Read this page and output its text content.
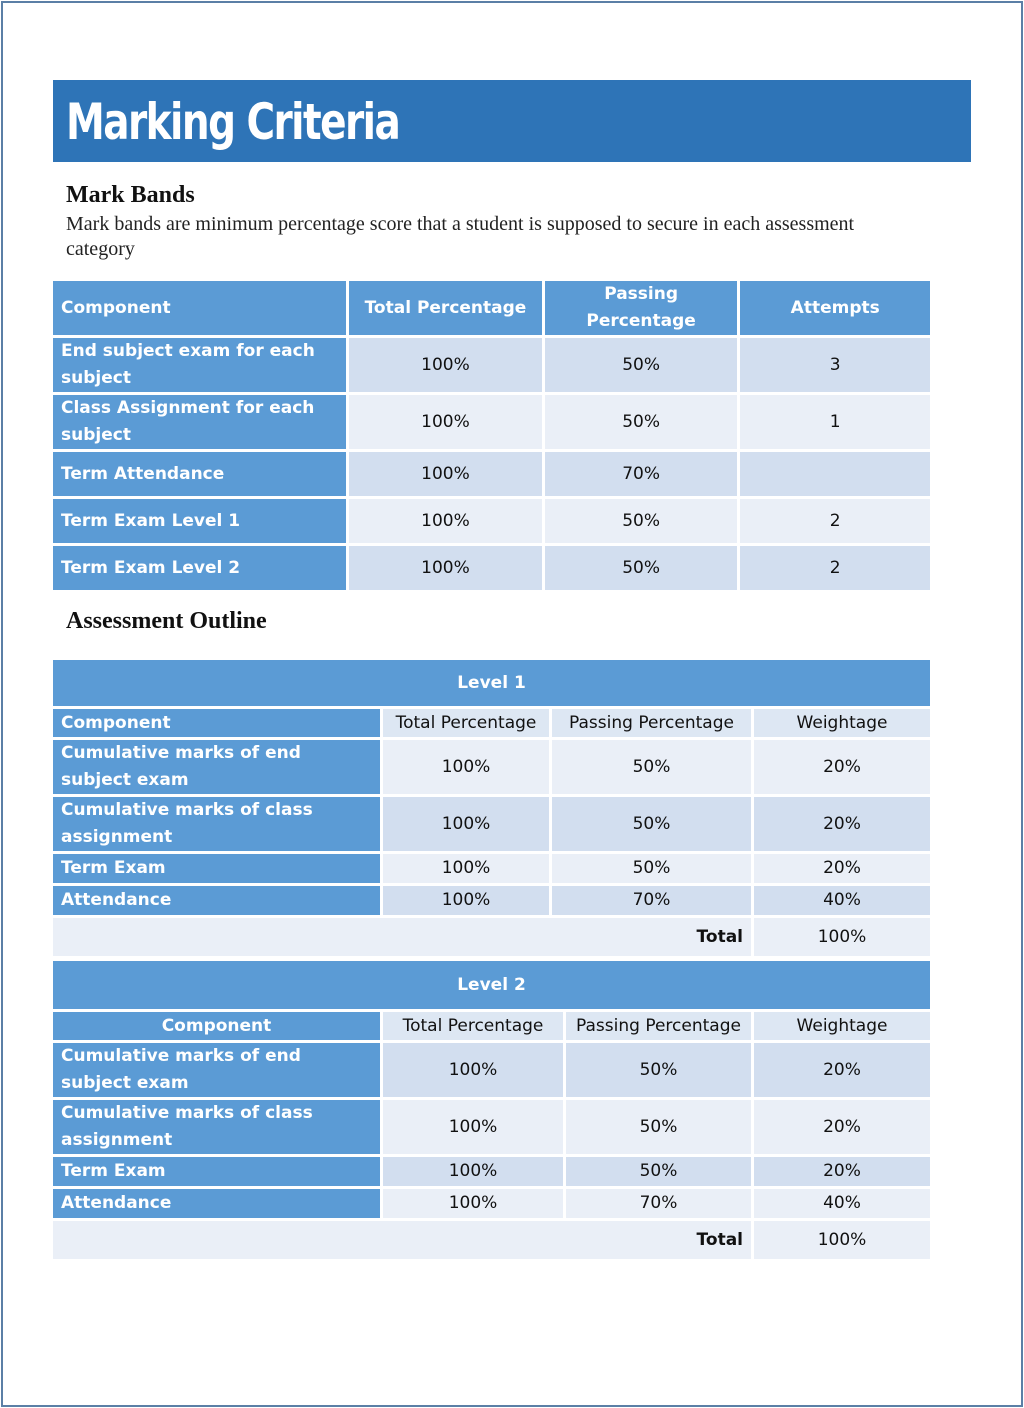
Marking Criteria
Mark Bands
Mark bands are minimum percentage score that a student is supposed to secure in each assessment category
Component	Total Percentage	Passing Percentage	Attempts
End subject exam for each subject	100%	50%	3
Class Assignment for each subject	100%	50%	1
Term Attendance	100%	70%	
Term Exam Level 1	100%	50%	2
Term Exam Level 2	100%	50%	2
Assessment Outline
Level 1			
Component	Total Percentage	Passing Percentage	Weightage
Cumulative marks of end subject exam	100%	50%	20%
Cumulative marks of class assignment	100%	50%	20%
Term Exam	100%	50%	20%
Attendance	100%	70%	40%
Total			100%
Level 2			
Component	Total Percentage	Passing Percentage	Weightage
Cumulative marks of end subject exam	100%	50%	20%
Cumulative marks of class assignment	100%	50%	20%
Term Exam	100%	50%	20%
Attendance	100%	70%	40%
Total			100%
